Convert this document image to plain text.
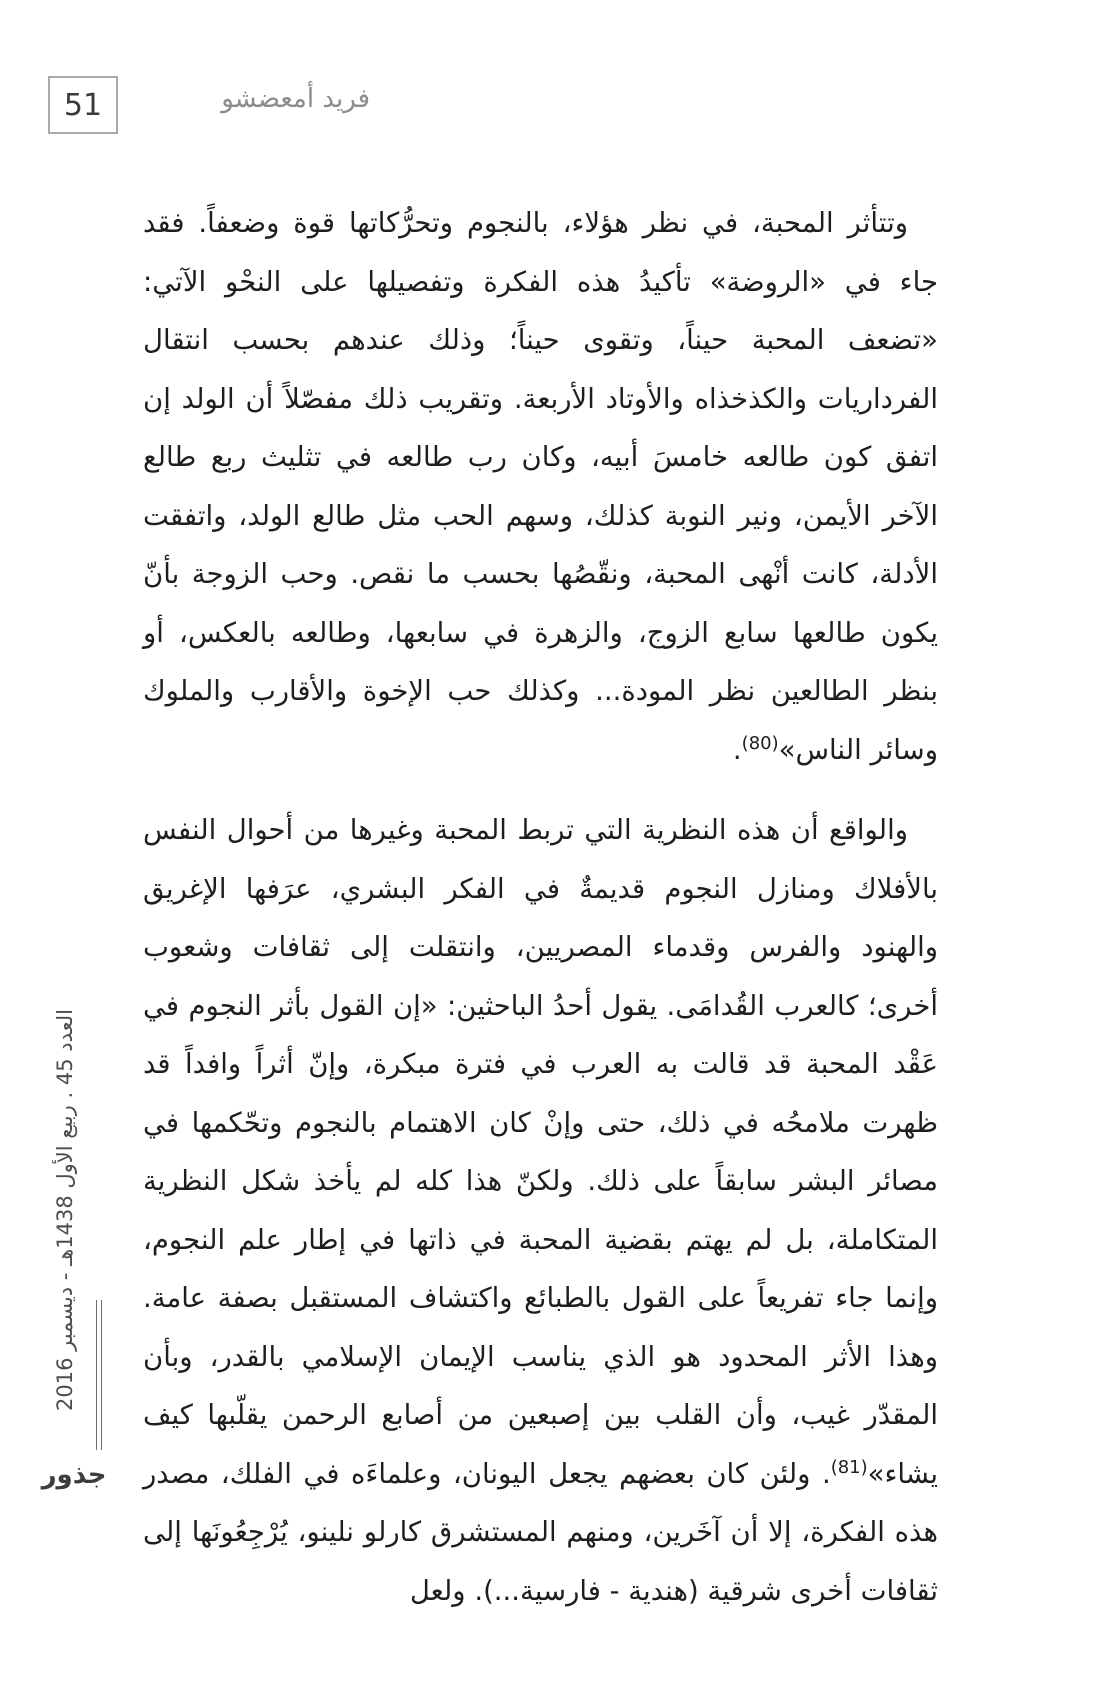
51	فريد أمعضشو

وتتأثر المحبة، في نظر هؤلاء، بالنجوم وتحرُّكاتها قوة وضعفاً. فقد جاء في «الروضة» تأكيدُ هذه الفكرة وتفصيلها على النحْو الآتي: «تضعف المحبة حيناً، وتقوى حيناً؛ وذلك عندهم بحسب انتقال الفرداريات والكذخذاه والأوتاد الأربعة. وتقريب ذلك مفصّلاً أن الولد إن اتفق كون طالعه خامسَ أبيه، وكان رب طالعه في تثليث ربع طالع الآخر الأيمن، ونير النوبة كذلك، وسهم الحب مثل طالع الولد، واتفقت الأدلة، كانت أنْهى المحبة، ونقّصُها بحسب ما نقص. وحب الزوجة بأنّ يكون طالعها سابع الزوج، والزهرة في سابعها، وطالعه بالعكس، أو بنظر الطالعين نظر المودة... وكذلك حب الإخوة والأقارب والملوك وسائر الناس»$^{(80)}$.

والواقع أن هذه النظرية التي تربط المحبة وغيرها من أحوال النفس بالأفلاك ومنازل النجوم قديمةٌ في الفكر البشري، عرَفها الإغريق والهنود والفرس وقدماء المصريين، وانتقلت إلى ثقافات وشعوب أخرى؛ كالعرب القُدامَى. يقول أحدُ الباحثين: «إن القول بأثر النجوم في عَقْد المحبة قد قالت به العرب في فترة مبكرة، وإنّ أثراً وافداً قد ظهرت ملامحُه في ذلك، حتى وإنْ كان الاهتمام بالنجوم وتحّكمها في مصائر البشر سابقاً على ذلك. ولكنّ هذا كله لم يأخذ شكل النظرية المتكاملة، بل لم يهتم بقضية المحبة في ذاتها في إطار علم النجوم، وإنما جاء تفريعاً على القول بالطبائع واكتشاف المستقبل بصفة عامة. وهذا الأثر المحدود هو الذي يناسب الإيمان الإسلامي بالقدر، وبأن المقدّر غيب، وأن القلب بين إصبعين من أصابع الرحمن يقلّبها كيف يشاء»$^{(81)}$. ولئن كان بعضهم يجعل اليونان، وعلماءَه في الفلك، مصدر هذه الفكرة، إلا أن آخَرين، ومنهم المستشرق كارلو نلينو، يُرْجِعُونَها إلى ثقافات أخرى شرقية (هندية - فارسية...). ولعل

العدد 45 . ربيع الأول 1438هـ - ديسمبر 2016
جذور
